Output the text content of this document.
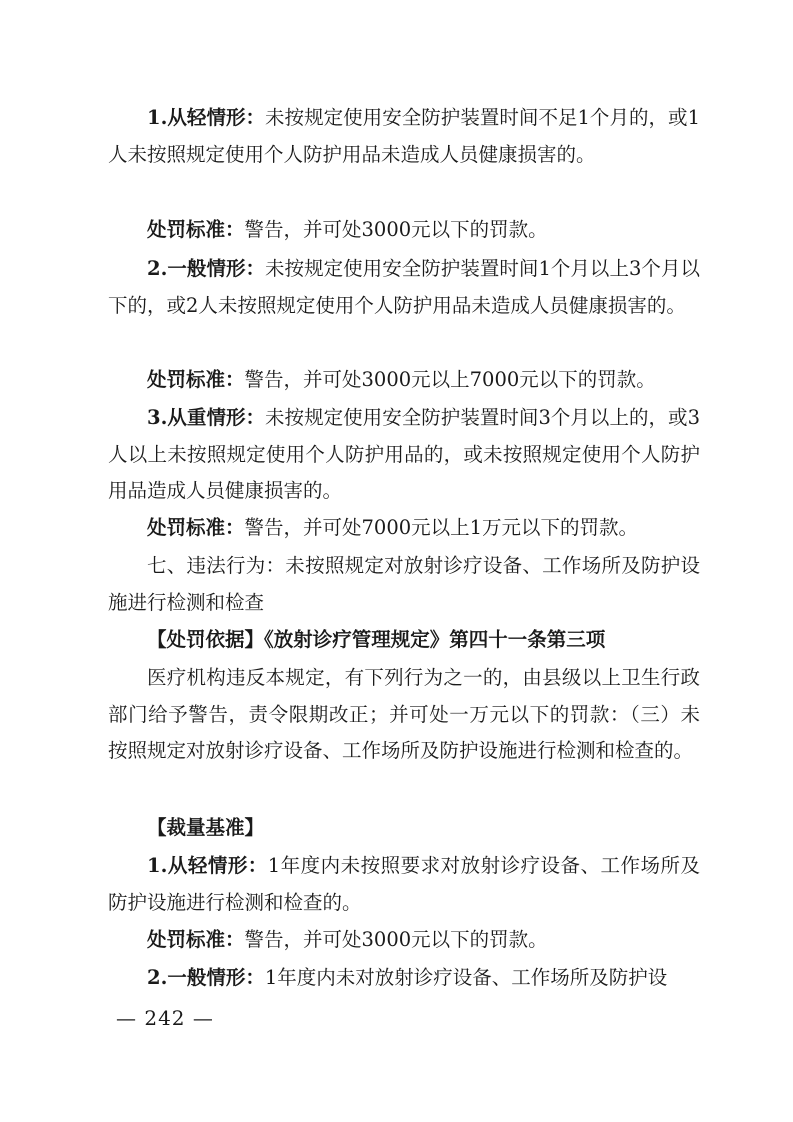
1.从轻情形：未按规定使用安全防护装置时间不足1个月的，或1人未按照规定使用个人防护用品未造成人员健康损害的。

处罚标准：警告，并可处3000元以下的罚款。

2.一般情形：未按规定使用安全防护装置时间1个月以上3个月以下的，或2人未按照规定使用个人防护用品未造成人员健康损害的。

处罚标准：警告，并可处3000元以上7000元以下的罚款。

3.从重情形：未按规定使用安全防护装置时间3个月以上的，或3人以上未按照规定使用个人防护用品的，或未按照规定使用个人防护用品造成人员健康损害的。

处罚标准：警告，并可处7000元以上1万元以下的罚款。

七、违法行为：未按照规定对放射诊疗设备、工作场所及防护设施进行检测和检查

【处罚依据】《放射诊疗管理规定》第四十一条第三项

医疗机构违反本规定，有下列行为之一的，由县级以上卫生行政部门给予警告，责令限期改正；并可处一万元以下的罚款：（三）未按照规定对放射诊疗设备、工作场所及防护设施进行检测和检查的。

【裁量基准】

1.从轻情形：1年度内未按照要求对放射诊疗设备、工作场所及防护设施进行检测和检查的。

处罚标准：警告，并可处3000元以下的罚款。

2.一般情形：1年度内未对放射诊疗设备、工作场所及防护设

— 242 —
